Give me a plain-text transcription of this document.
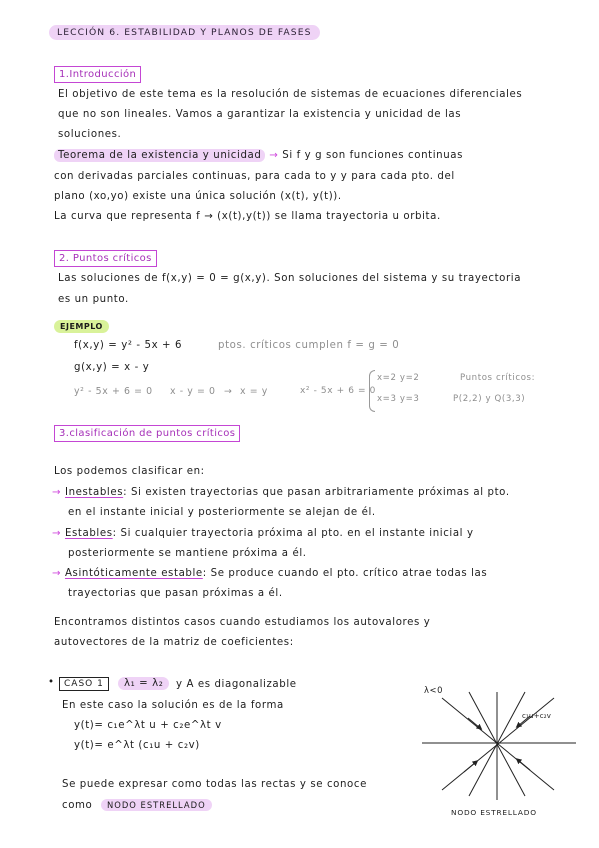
LECCIÓN 6. ESTABILIDAD Y PLANOS DE FASES
1.Introducción
El objetivo de este tema es la resolución de sistemas de ecuaciones diferenciales
que no son lineales. Vamos a garantizar la existencia y unicidad de las
soluciones.
Teorema de la existencia y unicidad → Si f y g son funciones continuas
con derivadas parciales continuas, para cada to y y para cada pto. del
plano (xo,yo) existe una única solución (x(t), y(t)).
La curva que representa f → (x(t),y(t)) se llama trayectoria u orbita.
2. Puntos críticos
Las soluciones de f(x,y) = 0 = g(x,y). Son soluciones del sistema y su trayectoria
es un punto.
EJEMPLO
f(x,y) = y² - 5x + 6	ptos. críticos cumplen f = g = 0
g(x,y) = x - y
y² - 5x + 6 = 0 x - y = 0 → x = y	x² - 5x + 6 = 0
x=2 y=2
x=3 y=3
Puntos críticos:
P(2,2) y Q(3,3)
3.clasificación de puntos críticos
Los podemos clasificar en:
→ Inestables: Si existen trayectorias que pasan arbitrariamente próximas al pto.
en el instante inicial y posteriormente se alejan de él.
→ Estables: Si cualquier trayectoria próxima al pto. en el instante inicial y
posteriormente se mantiene próxima a él.
→ Asintóticamente estable: Se produce cuando el pto. crítico atrae todas las
trayectorias que pasan próximas a él.
Encontramos distintos casos cuando estudiamos los autovalores y
autovectores de la matriz de coeficientes:
•	CASO 1	λ₁ = λ₂	y A es diagonalizable
En este caso la solución es de la forma
y(t)= c₁e^λt u + c₂e^λt v
y(t)= e^λt (c₁u + c₂v)
Se puede expresar como todas las rectas y se conoce
como	NODO ESTRELLADO
λ<0
c₁u+c₂v
NODO ESTRELLADO
